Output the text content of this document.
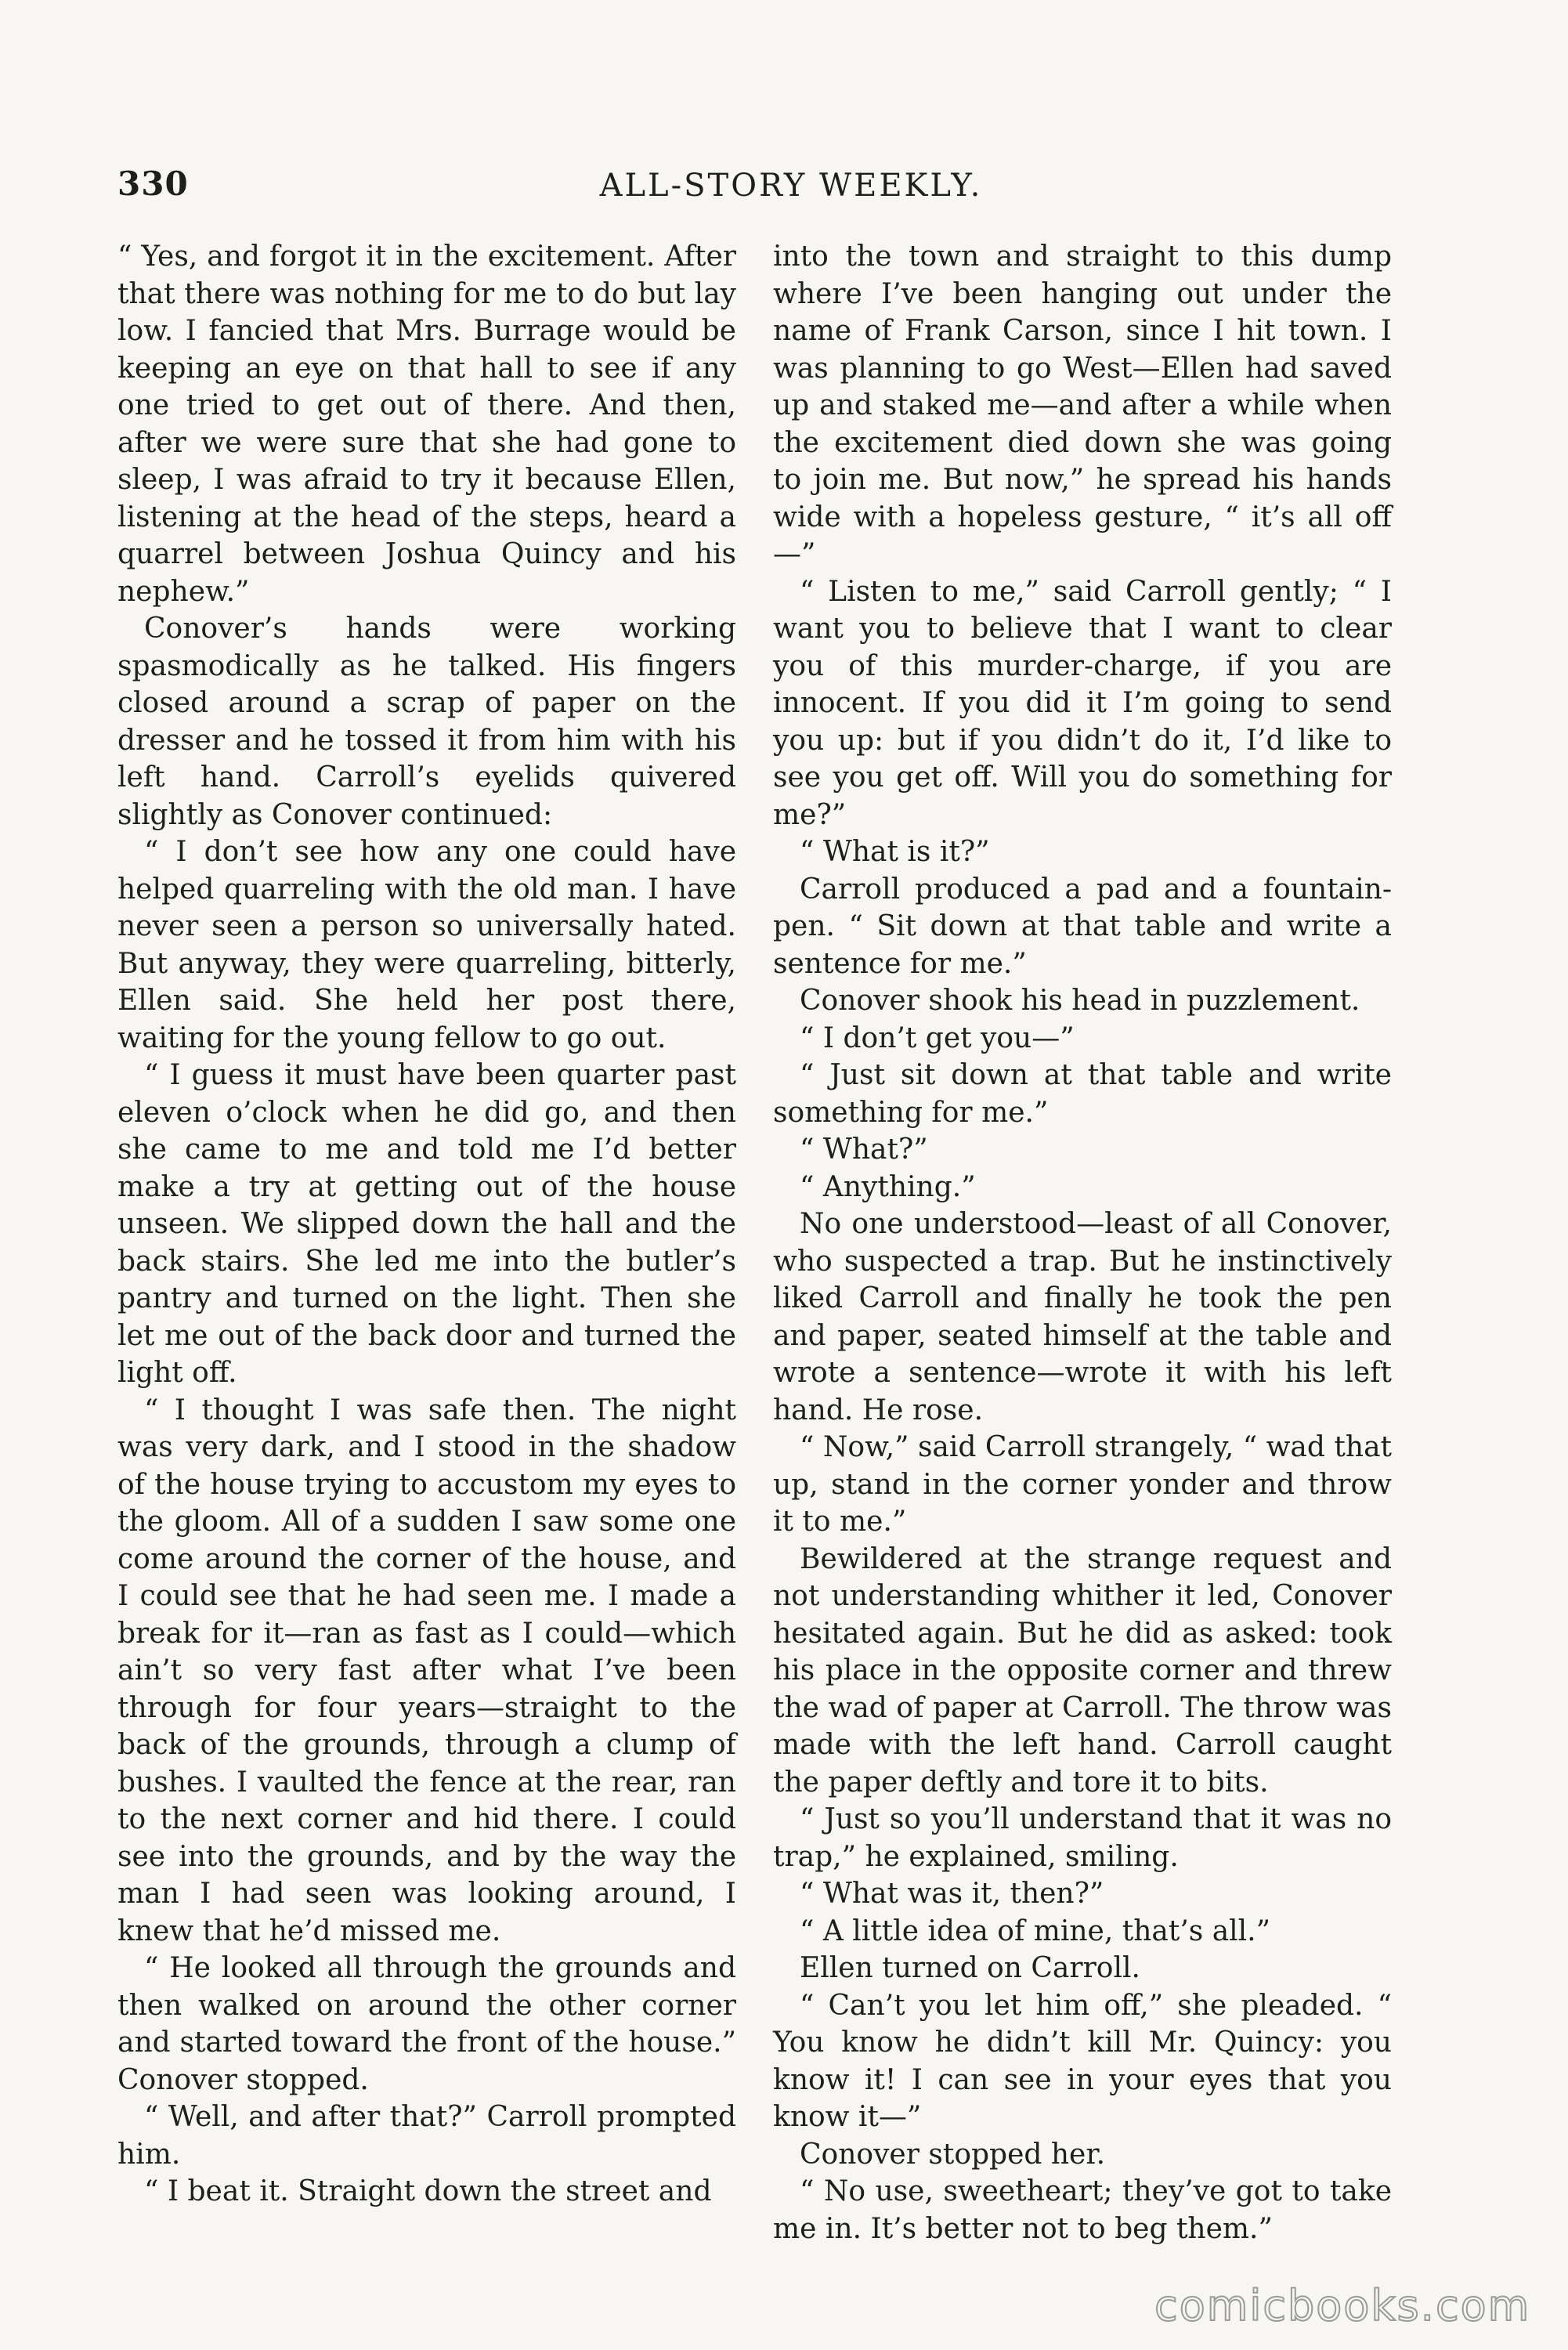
330	ALL-STORY WEEKLY.

“ Yes, and forgot it in the excitement. After that there was nothing for me to do but lay low. I fancied that Mrs. Burrage would be keeping an eye on that hall to see if any one tried to get out of there. And then, after we were sure that she had gone to sleep, I was afraid to try it because Ellen, listening at the head of the steps, heard a quarrel between Joshua Quincy and his nephew.”

Conover’s hands were working spasmodically as he talked. His fingers closed around a scrap of paper on the dresser and he tossed it from him with his left hand. Carroll’s eyelids quivered slightly as Conover continued:

“ I don’t see how any one could have helped quarreling with the old man. I have never seen a person so universally hated. But anyway, they were quarreling, bitterly, Ellen said. She held her post there, waiting for the young fellow to go out.

“ I guess it must have been quarter past eleven o’clock when he did go, and then she came to me and told me I’d better make a try at getting out of the house unseen. We slipped down the hall and the back stairs. She led me into the butler’s pantry and turned on the light. Then she let me out of the back door and turned the light off.

“ I thought I was safe then. The night was very dark, and I stood in the shadow of the house trying to accustom my eyes to the gloom. All of a sudden I saw some one come around the corner of the house, and I could see that he had seen me. I made a break for it—ran as fast as I could—which ain’t so very fast after what I’ve been through for four years—straight to the back of the grounds, through a clump of bushes. I vaulted the fence at the rear, ran to the next corner and hid there. I could see into the grounds, and by the way the man I had seen was looking around, I knew that he’d missed me.

“ He looked all through the grounds and then walked on around the other corner and started toward the front of the house.” Conover stopped.

“ Well, and after that?” Carroll prompted him.

“ I beat it. Straight down the street and

into the town and straight to this dump where I’ve been hanging out under the name of Frank Carson, since I hit town. I was planning to go West—Ellen had saved up and staked me—and after a while when the excitement died down she was going to join me. But now,” he spread his hands wide with a hopeless gesture, “ it’s all off—”

“ Listen to me,” said Carroll gently; “ I want you to believe that I want to clear you of this murder-charge, if you are innocent. If you did it I’m going to send you up: but if you didn’t do it, I’d like to see you get off. Will you do something for me?”

“ What is it?”

Carroll produced a pad and a fountain-pen. “ Sit down at that table and write a sentence for me.”

Conover shook his head in puzzlement.

“ I don’t get you—”

“ Just sit down at that table and write something for me.”

“ What?”

“ Anything.”

No one understood—least of all Conover, who suspected a trap. But he instinctively liked Carroll and finally he took the pen and paper, seated himself at the table and wrote a sentence—wrote it with his left hand. He rose.

“ Now,” said Carroll strangely, “ wad that up, stand in the corner yonder and throw it to me.”

Bewildered at the strange request and not understanding whither it led, Conover hesitated again. But he did as asked: took his place in the opposite corner and threw the wad of paper at Carroll. The throw was made with the left hand. Carroll caught the paper deftly and tore it to bits.

“ Just so you’ll understand that it was no trap,” he explained, smiling.

“ What was it, then?”

“ A little idea of mine, that’s all.”

Ellen turned on Carroll.

“ Can’t you let him off,” she pleaded. “ You know he didn’t kill Mr. Quincy: you know it! I can see in your eyes that you know it—”

Conover stopped her.

“ No use, sweetheart; they’ve got to take me in. It’s better not to beg them.”

comicbooks.com
